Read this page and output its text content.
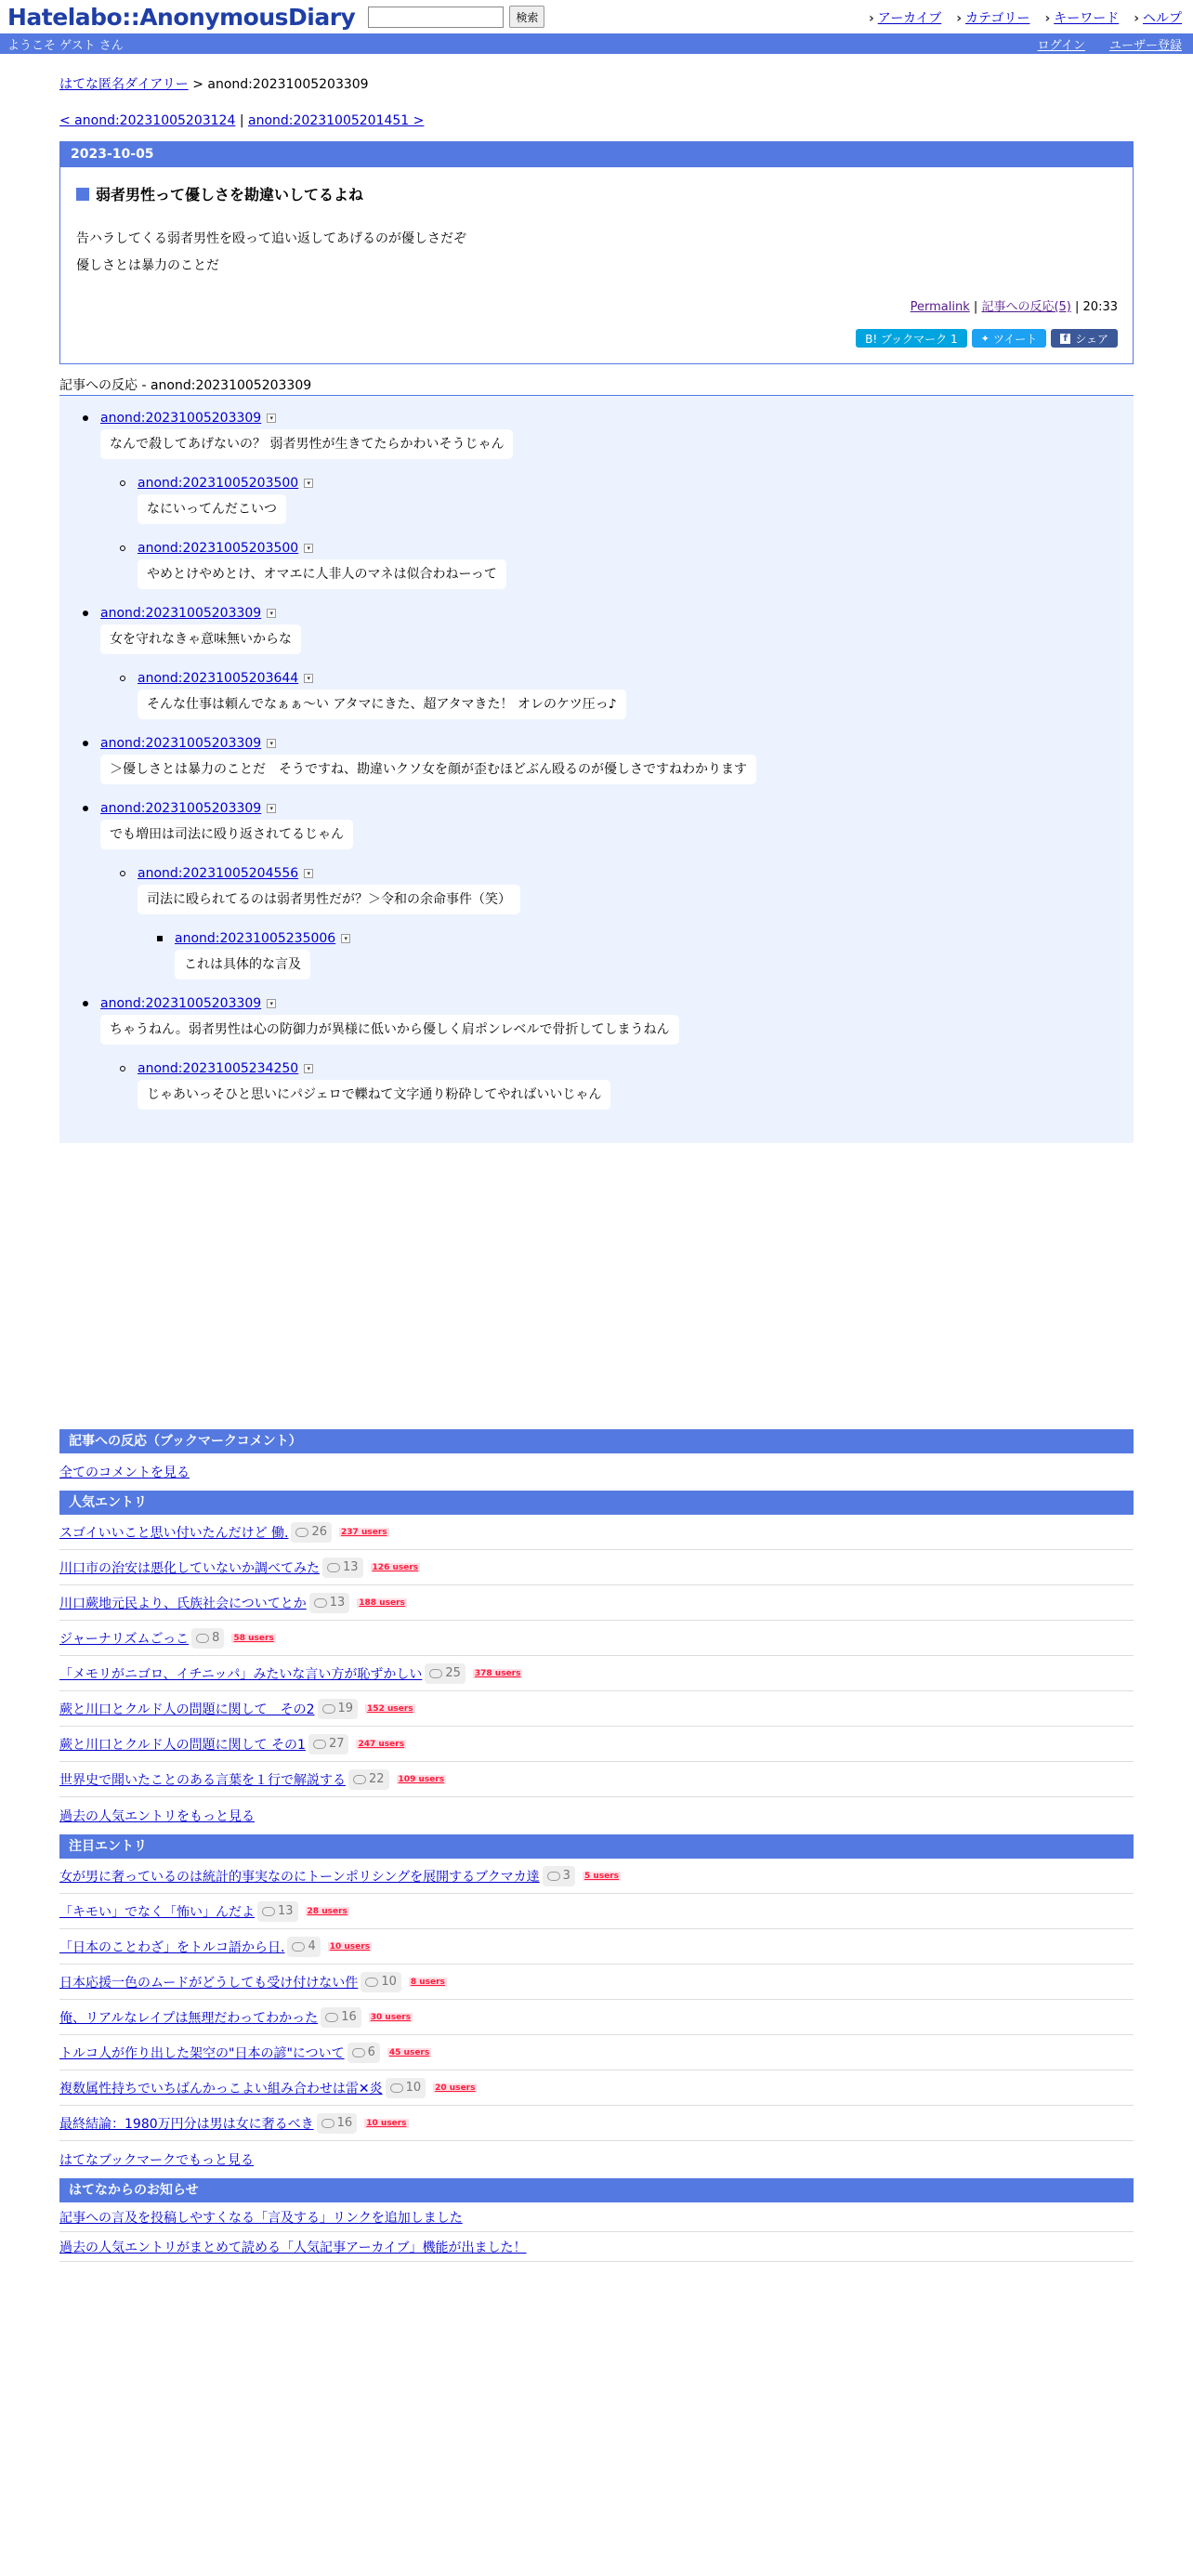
Hatelabo::AnonymousDiary	検索	› アーカイブ	› カテゴリー	› キーワード	› ヘルプ
ようこそ ゲスト さん	ログイン ユーザー登録
はてな匿名ダイアリー > anond:20231005203309
< anond:20231005203124 | anond:20231005201451 >
2023-10-05
弱者男性って優しさを勘違いしてるよね

告ハラしてくる弱者男性を殴って追い返してあげるのが優しさだぞ

優しさとは暴力のことだ

Permalink | 記事への反応(5) | 20:33
B! ブックマーク 1	✦ ツイート	f シェア
記事への反応 - anond:20231005203309
anond:20231005203309 ▾
なんで殺してあげないの？ 弱者男性が生きてたらかわいそうじゃん
anond:20231005203500 ▾
なにいってんだこいつ
anond:20231005203500 ▾
やめとけやめとけ、オマエに人非人のマネは似合わねーって
anond:20231005203309 ▾
女を守れなきゃ意味無いからな
anond:20231005203644 ▾
そんな仕事は頼んでなぁぁ〜い アタマにきた、超アタマきた！ オレのケツ圧っ♪
anond:20231005203309 ▾
＞優しさとは暴力のことだ　そうですね、勘違いクソ女を顔が歪むほどぶん殴るのが優しさですねわかります
anond:20231005203309 ▾
でも増田は司法に殴り返されてるじゃん
anond:20231005204556 ▾
司法に殴られてるのは弱者男性だが？＞令和の余命事件（笑）
anond:20231005235006 ▾
これは具体的な言及
anond:20231005203309 ▾
ちゃうねん。弱者男性は心の防御力が異様に低いから優しく肩ポンレベルで骨折してしまうねん
anond:20231005234250 ▾
じゃあいっそひと思いにパジェロで轢ねて文字通り粉砕してやればいいじゃん
記事への反応（ブックマークコメント）
全てのコメントを見る
人気エントリ
スゴイいいこと思い付いたんだけど 働. 26 237 users
川口市の治安は悪化していないか調べてみた 13 126 users
川口蕨地元民より、氏族社会についてとか 13 188 users
ジャーナリズムごっこ 8 58 users
「メモリがニゴロ、イチニッパ」みたいな言い方が恥ずかしい 25 378 users
蕨と川口とクルド人の問題に関して　その2 19 152 users
蕨と川口とクルド人の問題に関して その1 27 247 users
世界史で聞いたことのある言葉を１行で解説する 22 109 users
過去の人気エントリをもっと見る
注目エントリ
女が男に奢っているのは統計的事実なのにトーンポリシングを展開するブクマカ達 3 5 users
「キモい」でなく「怖い」んだよ 13 28 users
「日本のことわざ」をトルコ語から日. 4 10 users
日本応援一色のムードがどうしても受け付けない件 10 8 users
俺、リアルなレイプは無理だわってわかった 16 30 users
トルコ人が作り出した架空の"日本の諺"について 6 45 users
複数属性持ちでいちばんかっこよい組み合わせは雷✕炎 10 20 users
最終結論：1980万円分は男は女に奢るべき 16 10 users
はてなブックマークでもっと見る
はてなからのお知らせ
記事への言及を投稿しやすくなる「言及する」リンクを追加しました
過去の人気エントリがまとめて読める「人気記事アーカイブ」機能が出ました！
